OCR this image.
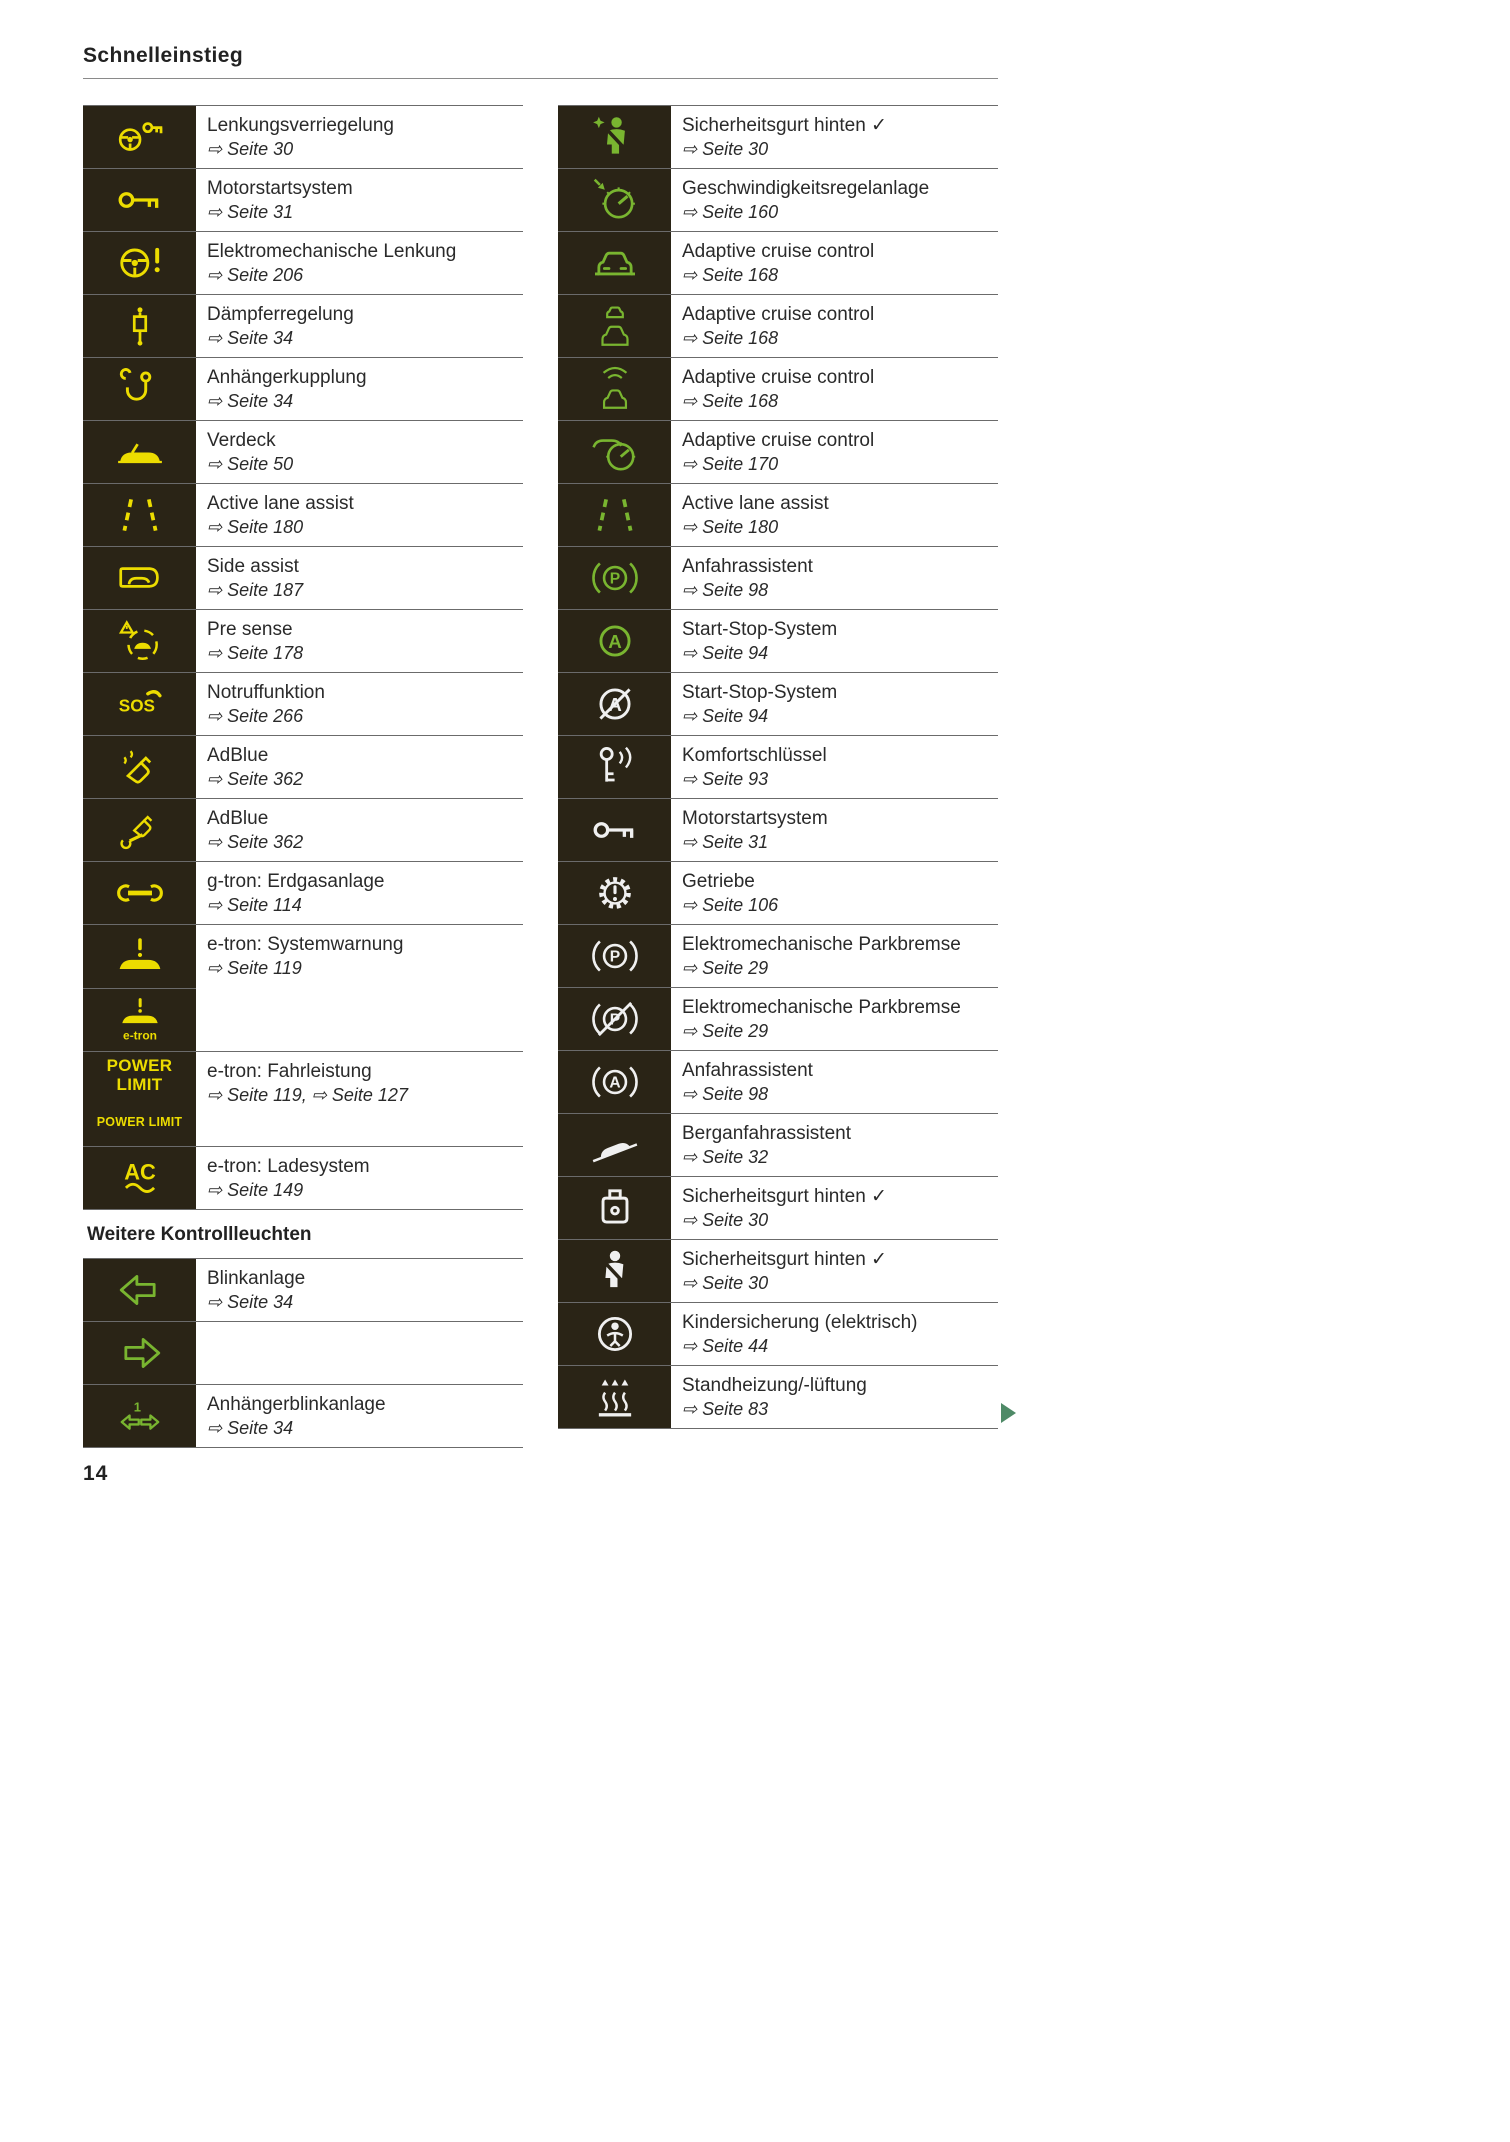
Schnelleinstieg
Lenkungsverriegelung
⇨ Seite 30
Motorstartsystem
⇨ Seite 31
Elektromechanische Lenkung
⇨ Seite 206
Dämpferregelung
⇨ Seite 34
Anhängerkupplung
⇨ Seite 34
Verdeck
⇨ Seite 50
Active lane assist
⇨ Seite 180
Side assist
⇨ Seite 187
Pre sense
⇨ Seite 178
SOS
Notruffunktion
⇨ Seite 266
AdBlue
⇨ Seite 362
AdBlue
⇨ Seite 362
g-tron: Erdgasanlage
⇨ Seite 114
e-tron
e-tron: Systemwarnung
⇨ Seite 119
POWER
LIMIT
POWER LIMIT
e-tron: Fahrleistung
⇨ Seite 119, ⇨ Seite 127
AC	e-tron: Ladesystem
⇨ Seite 149
Weitere Kontrollleuchten
Blinkanlage
⇨ Seite 34
1	Anhängerblinkanlage
⇨ Seite 34
Sicherheitsgurt hinten ✓
⇨ Seite 30
Geschwindigkeitsregelanlage
⇨ Seite 160
Adaptive cruise control
⇨ Seite 168
Adaptive cruise control
⇨ Seite 168
Adaptive cruise control
⇨ Seite 168
Adaptive cruise control
⇨ Seite 170
Active lane assist
⇨ Seite 180
P
Anfahrassistent
⇨ Seite 98
A
Start-Stop-System
⇨ Seite 94
A
Start-Stop-System
⇨ Seite 94
Komfortschlüssel
⇨ Seite 93
Motorstartsystem
⇨ Seite 31
Getriebe
⇨ Seite 106
P
Elektromechanische Parkbremse
⇨ Seite 29
P
Elektromechanische Parkbremse
⇨ Seite 29
A
Anfahrassistent
⇨ Seite 98
Berganfahrassistent
⇨ Seite 32
Sicherheitsgurt hinten ✓
⇨ Seite 30
Sicherheitsgurt hinten ✓
⇨ Seite 30
Kindersicherung (elektrisch)
⇨ Seite 44
Standheizung/-lüftung
⇨ Seite 83
14
